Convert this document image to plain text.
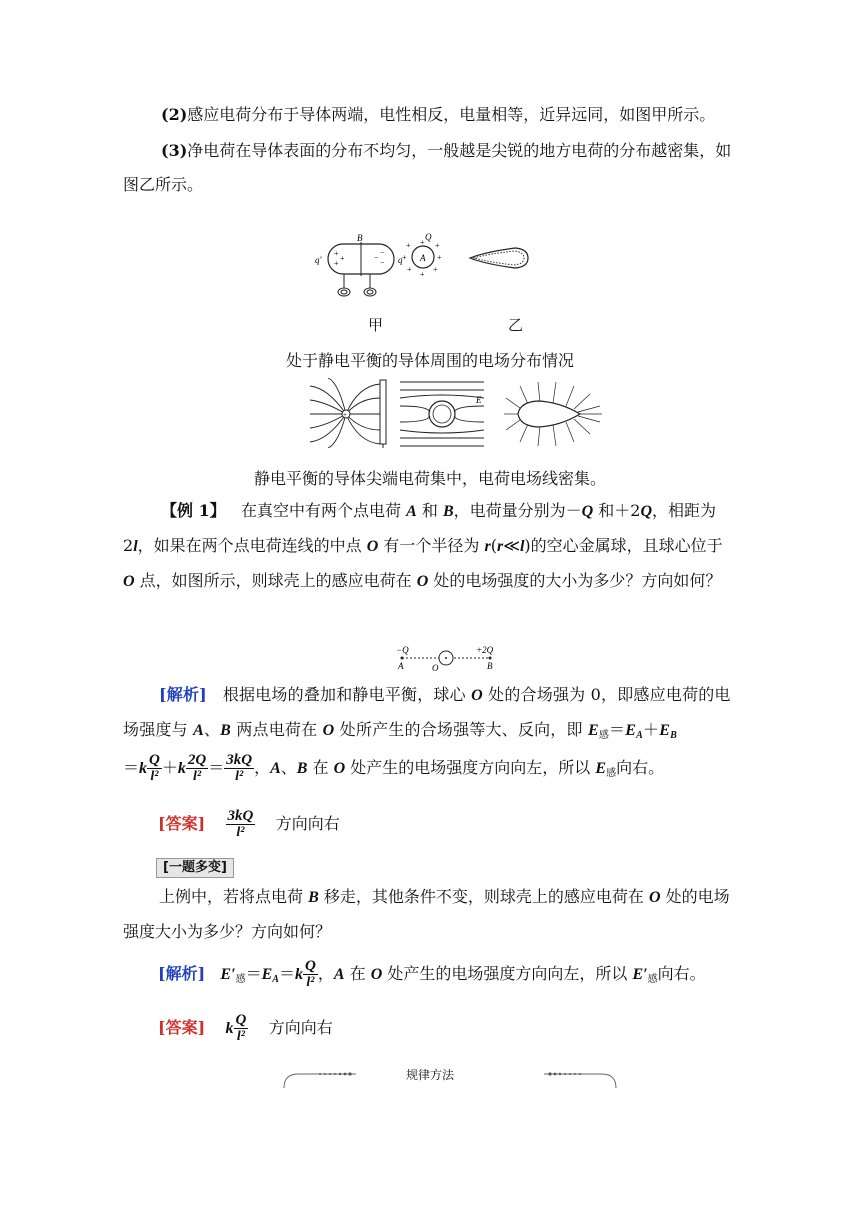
(2)感应电荷分布于导体两端，电性相反，电量相等，近异远同，如图甲所示。
(3)净电荷在导体表面的分布不均匀，一般越是尖锐的地方电荷的分布越密集，如图乙所示。
B
q'	q
+
+
+
−
−
−	A
Q
+	+
+	+
+	+
+
+
甲	乙
处于静电平衡的导体周围的电场分布情况
+
E
静电平衡的导体尖端电荷集中，电荷电场线密集。
【例 1】 在真空中有两个点电荷 A 和 B，电荷量分别为－Q 和＋2Q，相距为 2l，如果在两个点电荷连线的中点 O 有一个半径为 r(r≪l)的空心金属球，且球心位于 O 点，如图所示，则球壳上的感应电荷在 O 处的电场强度的大小为多少？方向如何？
−Q	+2Q
A	O	B
[解析] 根据电场的叠加和静电平衡，球心 O 处的合场强为 0，即感应电荷的电场强度与 A、B 两点电荷在 O 处所产生的合场强等大、反向，即 $E_感=E_A+E_B$
$=k \frac{Q}{\text{l²}} +k \frac{2Q}{\text{l²}} = \frac{3kQ}{\text{l²}}$ ，A、B 在 O 处产生的电场强度方向向左，所以 $E_感$向右。
[答案] $\frac{3kQ}{\text{l²}}$ 方向向右
[一题多变]
上例中，若将点电荷 B 移走，其他条件不变，则球壳上的感应电荷在 O 处的电场强度大小为多少？方向如何？
[解析] $E'_感=E_A=k \frac{Q}{\text{l²}}$ ，A 在 O 处产生的电场强度方向向左，所以 $E'_感$向右。
[答案] k $\frac{Q}{\text{l²}}$ 方向向右
规律方法
